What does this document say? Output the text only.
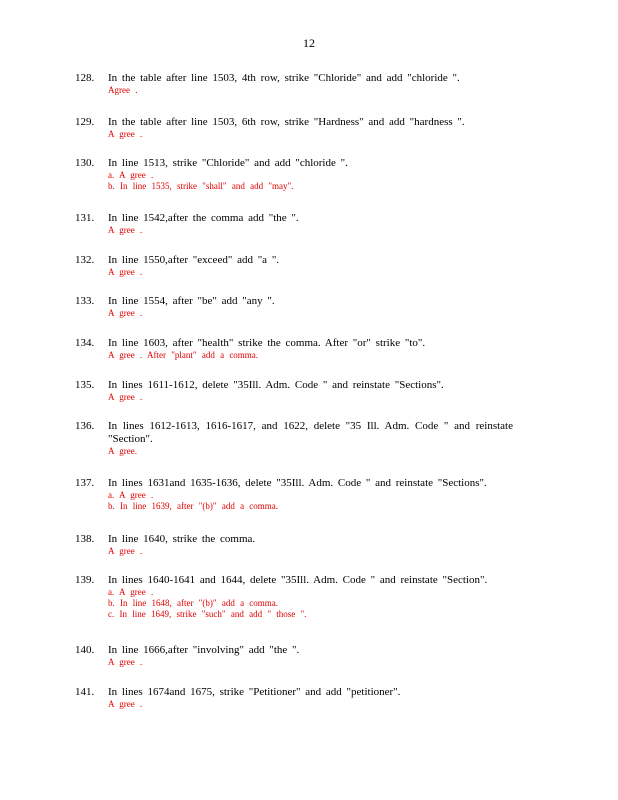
12
128. In the table after line 1503, 4th row, strike "Chloride" and add "chloride ".
Agree .
129. In the table after line 1503, 6th row, strike "Hardness" and add "hardness ".
A gree .
130. In line 1513, strike "Chloride" and add "chloride ".
a. A gree .
b. In line 1535, strike "shall" and add "may".
131. In line 1542,after the comma add "the ".
A gree .
132. In line 1550,after "exceed" add "a ".
A gree .
133. In line 1554, after "be" add "any ".
A gree .
134. In line 1603, after "health" strike the comma. After "or" strike "to".
A gree . After "plant" add a comma.
135. In lines 1611-1612, delete "35Ill. Adm. Code " and reinstate "Sections".
A gree .
136. In lines 1612-1613, 1616-1617, and 1622, delete "35 Ill. Adm. Code " and reinstate "Section".
A gree.
137. In lines 1631and 1635-1636, delete "35Ill. Adm. Code " and reinstate "Sections".
a. A gree .
b. In line 1639, after "(b)" add a comma.
138. In line 1640, strike the comma.
A gree .
139. In lines 1640-1641 and 1644, delete "35Ill. Adm. Code " and reinstate "Section".
a. A gree .
b. In line 1648, after "(b)" add a comma.
c. In line 1649, strike "such" and add " those ".
140. In line 1666,after "involving" add "the ".
A gree .
141. In lines 1674and 1675, strike "Petitioner" and add "petitioner".
A gree .
